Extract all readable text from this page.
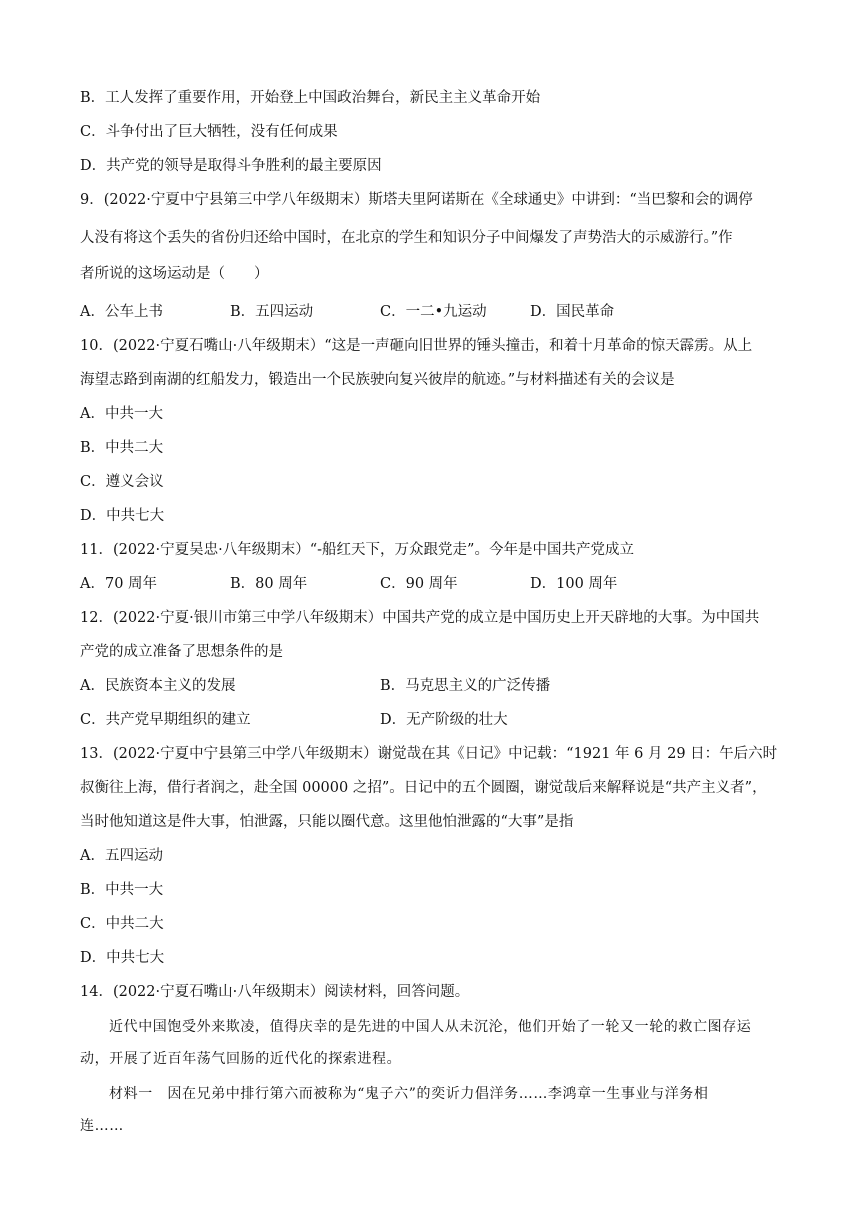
B．工人发挥了重要作用，开始登上中国政治舞台，新民主主义革命开始
C．斗争付出了巨大牺牲，没有任何成果
D．共产党的领导是取得斗争胜利的最主要原因
9．(2022·宁夏中宁县第三中学八年级期末）斯塔夫里阿诺斯在《全球通史》中讲到：“当巴黎和会的调停
人没有将这个丢失的省份归还给中国时，在北京的学生和知识分子中间爆发了声势浩大的示威游行。”作
者所说的这场运动是（　　）
A．公车上书	B．五四运动	C．一二•九运动	D．国民革命
10．(2022·宁夏石嘴山·八年级期末）“这是一声砸向旧世界的锤头撞击，和着十月革命的惊天霹雳。从上
海望志路到南湖的红船发力，锻造出一个民族驶向复兴彼岸的航迹。”与材料描述有关的会议是
A．中共一大
B．中共二大
C．遵义会议
D．中共七大
11．(2022·宁夏吴忠·八年级期末）“-船红天下，万众跟党走”。今年是中国共产党成立
A．70 周年	B．80 周年	C．90 周年	D．100 周年
12．(2022·宁夏·银川市第三中学八年级期末）中国共产党的成立是中国历史上开天辟地的大事。为中国共
产党的成立准备了思想条件的是
A．民族资本主义的发展	B．马克思主义的广泛传播
C．共产党早期组织的建立	D．无产阶级的壮大
13．(2022·宁夏中宁县第三中学八年级期末）谢觉哉在其《日记》中记载：“1921 年 6 月 29 日：午后六时
叔衡往上海，借行者润之，赴全国 00000 之招”。日记中的五个圆圈，谢觉哉后来解释说是“共产主义者”，
当时他知道这是件大事，怕泄露，只能以圈代意。这里他怕泄露的“大事”是指
A．五四运动
B．中共一大
C．中共二大
D．中共七大
14．(2022·宁夏石嘴山·八年级期末）阅读材料，回答问题。
近代中国饱受外来欺凌，值得庆幸的是先进的中国人从未沉沦，他们开始了一轮又一轮的救亡图存运
动，开展了近百年荡气回肠的近代化的探索进程。
材料一　因在兄弟中排行第六而被称为“鬼子六”的奕䜣力倡洋务……李鸿章一生事业与洋务相
连……
